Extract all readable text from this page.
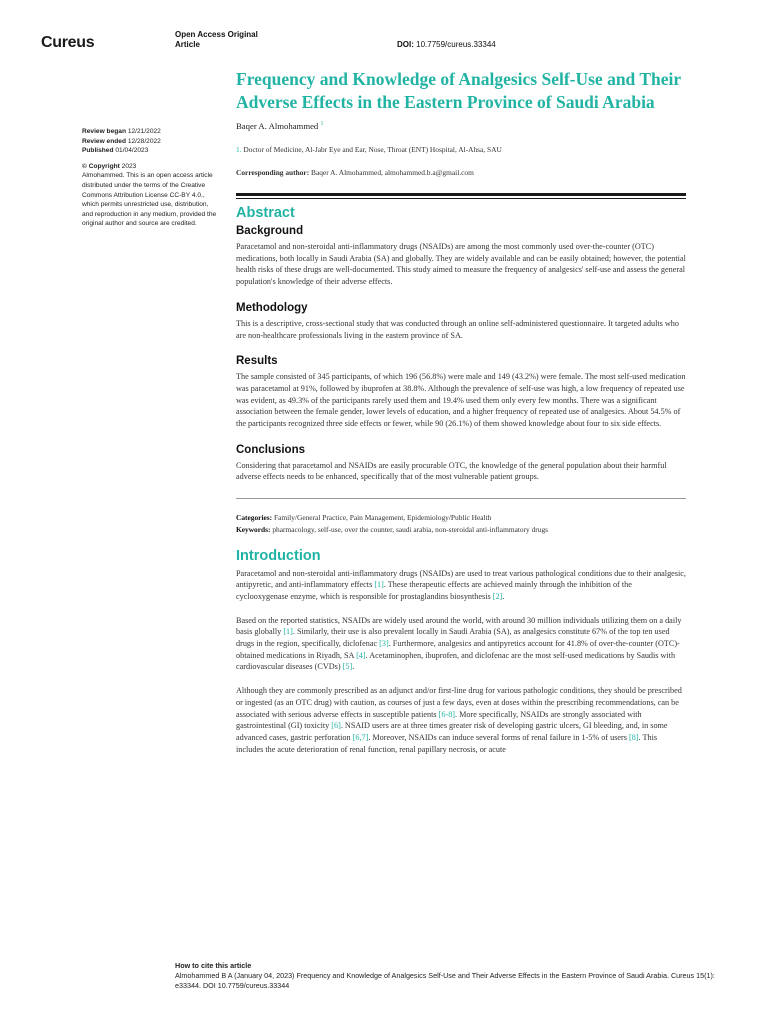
Cureus	Open Access Original
Article	DOI: 10.7759/cureus.33344
Review began 12/21/2022
Review ended 12/28/2022
Published 01/04/2023
© Copyright 2023
Almohammed. This is an open access article distributed under the terms of the Creative Commons Attribution License CC-BY 4.0., which permits unrestricted use, distribution, and reproduction in any medium, provided the original author and source are credited.
Frequency and Knowledge of Analgesics Self-Use and Their Adverse Effects in the Eastern Province of Saudi Arabia
Baqer A. Almohammed $^1$
1. Doctor of Medicine, Al-Jabr Eye and Ear, Nose, Throat (ENT) Hospital, Al-Ahsa, SAU
Corresponding author: Baqer A. Almohammed, almohammed.b.a@gmail.com
Abstract
Background
Paracetamol and non-steroidal anti-inflammatory drugs (NSAIDs) are among the most commonly used over-the-counter (OTC) medications, both locally in Saudi Arabia (SA) and globally. They are widely available and can be easily obtained; however, the potential health risks of these drugs are well-documented. This study aimed to measure the frequency of analgesics' self-use and assess the general population's knowledge of their adverse effects.
Methodology
This is a descriptive, cross-sectional study that was conducted through an online self-administered questionnaire. It targeted adults who are non-healthcare professionals living in the eastern province of SA.
Results
The sample consisted of 345 participants, of which 196 (56.8%) were male and 149 (43.2%) were female. The most self-used medication was paracetamol at 91%, followed by ibuprofen at 38.8%. Although the prevalence of self-use was high, a low frequency of repeated use was evident, as 49.3% of the participants rarely used them and 19.4% used them only every few months. There was a significant association between the female gender, lower levels of education, and a higher frequency of repeated use of analgesics. About 54.5% of the participants recognized three side effects or fewer, while 90 (26.1%) of them showed knowledge about four to six side effects.
Conclusions
Considering that paracetamol and NSAIDs are easily procurable OTC, the knowledge of the general population about their harmful adverse effects needs to be enhanced, specifically that of the most vulnerable patient groups.
Categories: Family/General Practice, Pain Management, Epidemiology/Public Health
Keywords: pharmacology, self-use, over the counter, saudi arabia, non-steroidal anti-inflammatory drugs
Introduction
Paracetamol and non-steroidal anti-inflammatory drugs (NSAIDs) are used to treat various pathological conditions due to their analgesic, antipyretic, and anti-inflammatory effects [1]. These therapeutic effects are achieved mainly through the inhibition of the cyclooxygenase enzyme, which is responsible for prostaglandins biosynthesis [2].
Based on the reported statistics, NSAIDs are widely used around the world, with around 30 million individuals utilizing them on a daily basis globally [1]. Similarly, their use is also prevalent locally in Saudi Arabia (SA), as analgesics constitute 67% of the top ten used drugs in the region, specifically, diclofenac [3]. Furthermore, analgesics and antipyretics account for 41.8% of over-the-counter (OTC)-obtained medications in Riyadh, SA [4]. Acetaminophen, ibuprofen, and diclofenac are the most self-used medications by Saudis with cardiovascular diseases (CVDs) [5].
Although they are commonly prescribed as an adjunct and/or first-line drug for various pathologic conditions, they should be prescribed or ingested (as an OTC drug) with caution, as courses of just a few days, even at doses within the prescribing recommendations, can be associated with serious adverse effects in susceptible patients [6-8]. More specifically, NSAIDs are strongly associated with gastrointestinal (GI) toxicity [6]. NSAID users are at three times greater risk of developing gastric ulcers, GI bleeding, and, in some advanced cases, gastric perforation [6,7]. Moreover, NSAIDs can induce several forms of renal failure in 1-5% of users [8]. This includes the acute deterioration of renal function, renal papillary necrosis, or acute
How to cite this article
Almohammed B A (January 04, 2023) Frequency and Knowledge of Analgesics Self-Use and Their Adverse Effects in the Eastern Province of Saudi Arabia. Cureus 15(1): e33344. DOI 10.7759/cureus.33344
